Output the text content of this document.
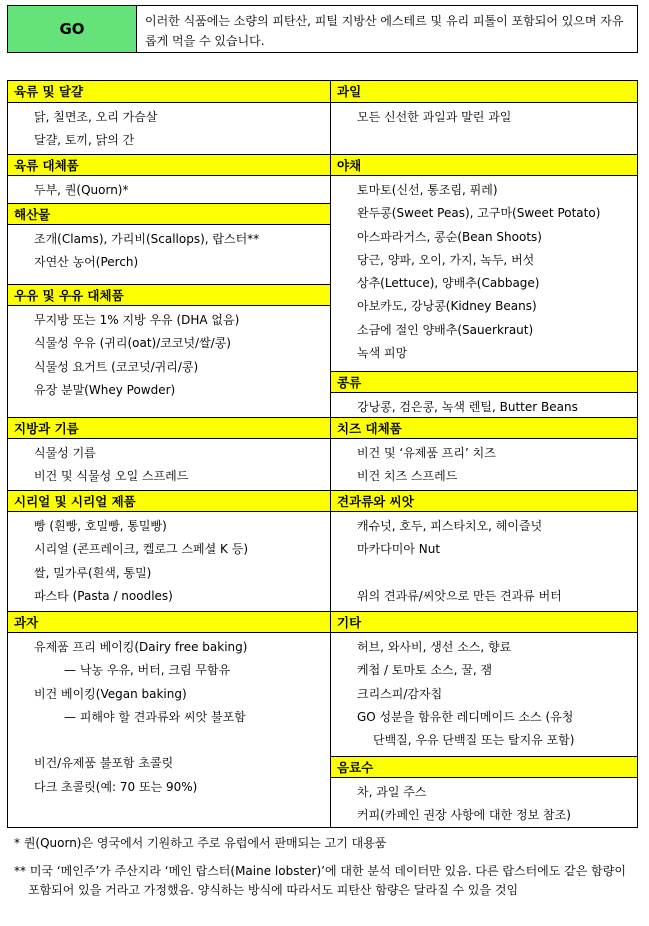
GO	이러한 식품에는 소량의 피탄산, 피틸 지방산 에스테르 및 유리 피톨이 포함되어 있으며 자유롭게 먹을 수 있습니다.
육류 및 달걀
닭, 칠면조, 오리 가슴살
달걀, 토끼, 닭의 간
육류 대체품
두부, 퀀(Quorn)*
해산물
조개(Clams), 가리비(Scallops), 랍스터**
자연산 농어(Perch)
우유 및 우유 대체품
무지방 또는 1% 지방 우유 (DHA 없음)
식물성 우유 (귀리(oat)/코코넛/쌀/콩)
식물성 요거트 (코코넛/귀리/콩)
유장 분말(Whey Powder)
지방과 기름
식물성 기름
비건 및 식물성 오일 스프레드
시리얼 및 시리얼 제품
빵 (흰빵, 호밀빵, 통밀빵)
시리얼 (콘프레이크, 켈로그 스페셜 K 등)
쌀, 밀가루(흰색, 통밀)
파스타 (Pasta / noodles)
과자
유제품 프리 베이킹(Dairy free baking)
— 낙농 우유, 버터, 크림 무함유
비건 베이킹(Vegan baking)
— 피해야 할 견과류와 씨앗 불포함
비건/유제품 불포함 초콜릿
다크 초콜릿(예: 70 또는 90%)
과일
모든 신선한 과일과 말린 과일
야채
토마토(신선, 통조림, 퓌레)
완두콩(Sweet Peas), 고구마(Sweet Potato)
아스파라거스, 콩순(Bean Shoots)
당근, 양파, 오이, 가지, 녹두, 버섯
상추(Lettuce), 양배추(Cabbage)
아보카도, 강낭콩(Kidney Beans)
소금에 절인 양배추(Sauerkraut)
녹색 피망
콩류
강낭콩, 검은콩, 녹색 렌틸, Butter Beans
치즈 대체품
비건 및 ‘유제품 프리’ 치즈
비건 치즈 스프레드
견과류와 씨앗
캐슈넛, 호두, 피스타치오, 헤이즐넛
마카다미아 Nut
위의 견과류/씨앗으로 만든 견과류 버터
기타
허브, 와사비, 생선 소스, 향료
케첩 / 토마토 소스, 꿀, 잼
크리스피/감자칩
GO 성분을 함유한 레디메이드 소스 (유청
단백질, 우유 단백질 또는 탈지유 포함)
음료수
차, 과일 주스
커피(카페인 권장 사항에 대한 정보 참조)
* 퀀(Quorn)은 영국에서 기원하고 주로 유럽에서 판매되는 고기 대용품
** 미국 ‘메인주’가 주산지라 ‘메인 랍스터(Maine lobster)’에 대한 분석 데이터만 있음. 다른 랍스터에도 같은 함량이 포함되어 있을 거라고 가정했음. 양식하는 방식에 따라서도 피탄산 함량은 달라질 수 있을 것임
